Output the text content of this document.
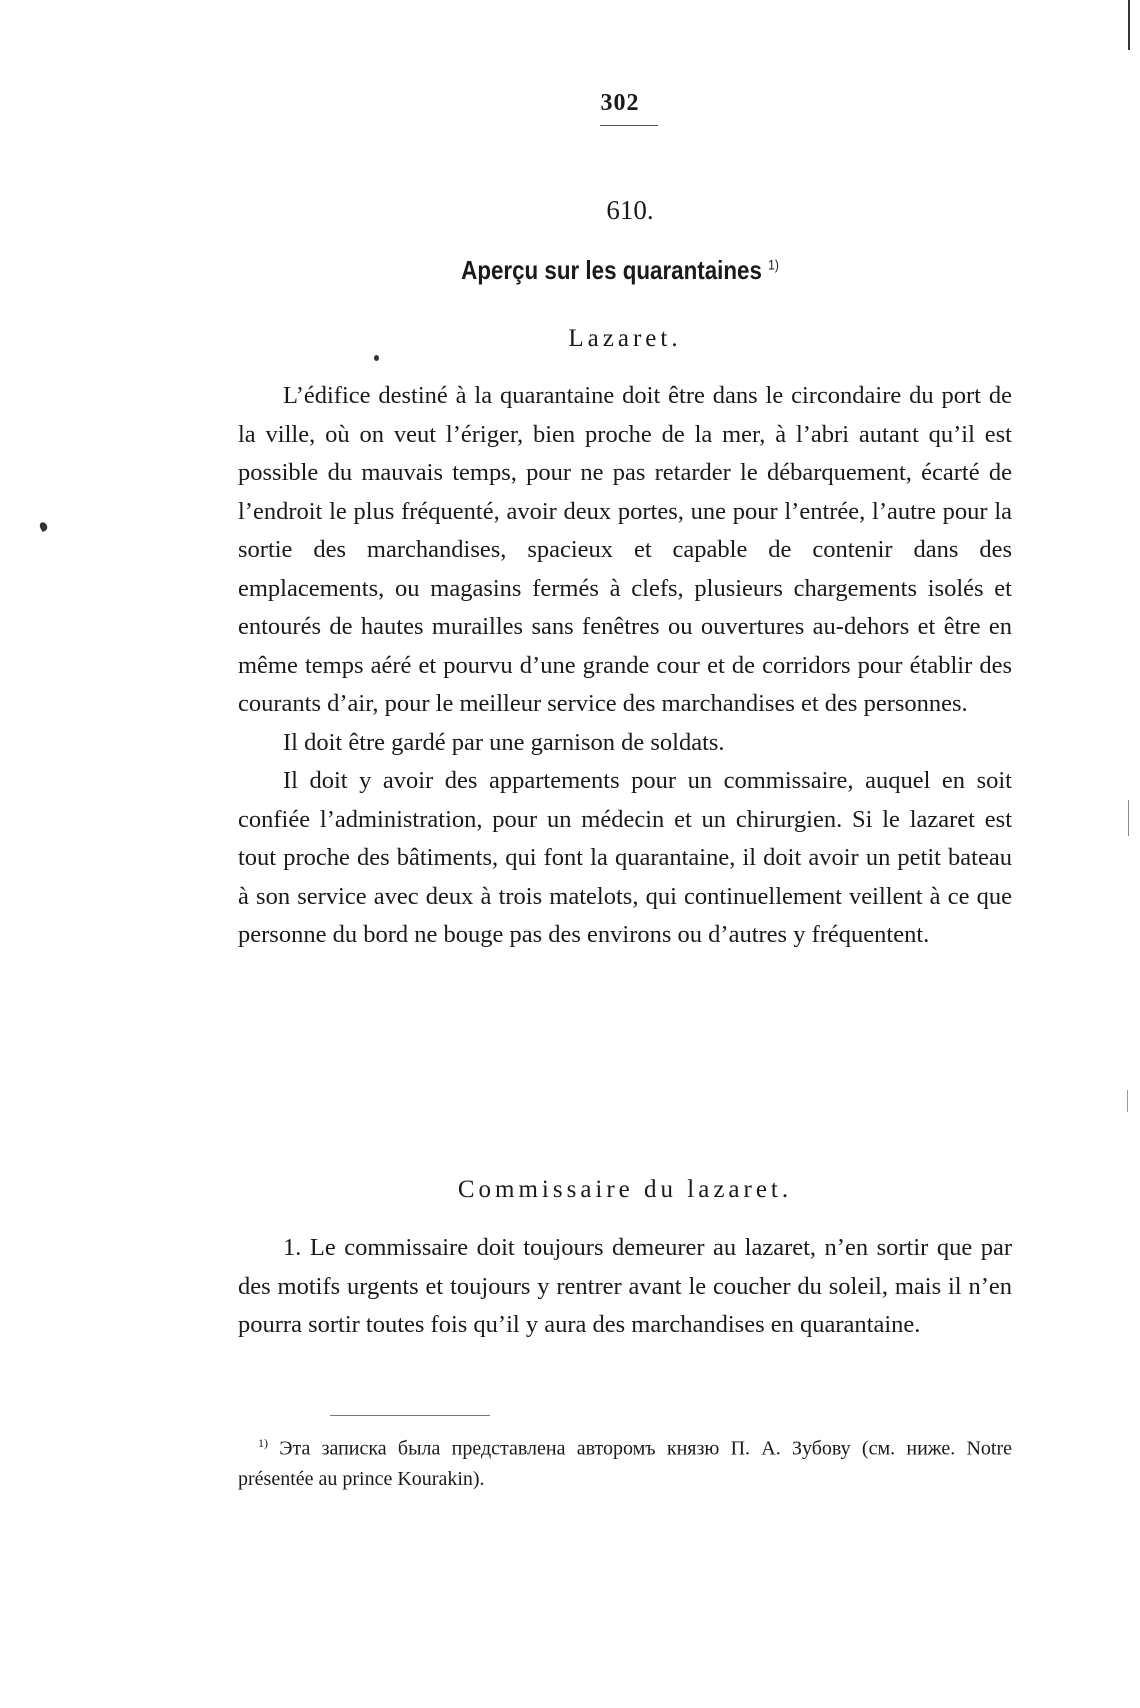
302
610.
Aperçu sur les quarantaines $^{1)}$
Lazaret.

L’édifice destiné à la quarantaine doit être dans le circondaire du port de la ville, où on veut l’ériger, bien proche de la mer, à l’abri autant qu’il est possible du mauvais temps, pour ne pas retarder le débarquement, écarté de l’endroit le plus fréquenté, avoir deux portes, une pour l’entrée, l’autre pour la sortie des marchandises, spacieux et capable de contenir dans des emplacements, ou magasins fermés à clefs, plusieurs chargements isolés et entourés de hautes murailles sans fenêtres ou ouvertures au-dehors et être en même temps aéré et pourvu d’une grande cour et de corridors pour établir des courants d’air, pour le meilleur service des marchandises et des personnes.

Il doit être gardé par une garnison de soldats.

Il doit y avoir des appartements pour un commissaire, auquel en soit confiée l’administration, pour un médecin et un chirurgien. Si le lazaret est tout proche des bâtiments, qui font la quarantaine, il doit avoir un petit bateau à son service avec deux à trois matelots, qui continuellement veillent à ce que personne du bord ne bouge pas des environs ou d’autres y fréquentent.

Commissaire du lazaret.

1. Le commissaire doit toujours demeurer au lazaret, n’en sortir que par des motifs urgents et toujours y rentrer avant le coucher du soleil, mais il n’en pourra sortir toutes fois qu’il y aura des marchandises en quarantaine.

$^{1)}$ Эта записка была представлена авторомъ князю П. А. Зубову (см. ниже. Notre présentée au prince Kourakin).
